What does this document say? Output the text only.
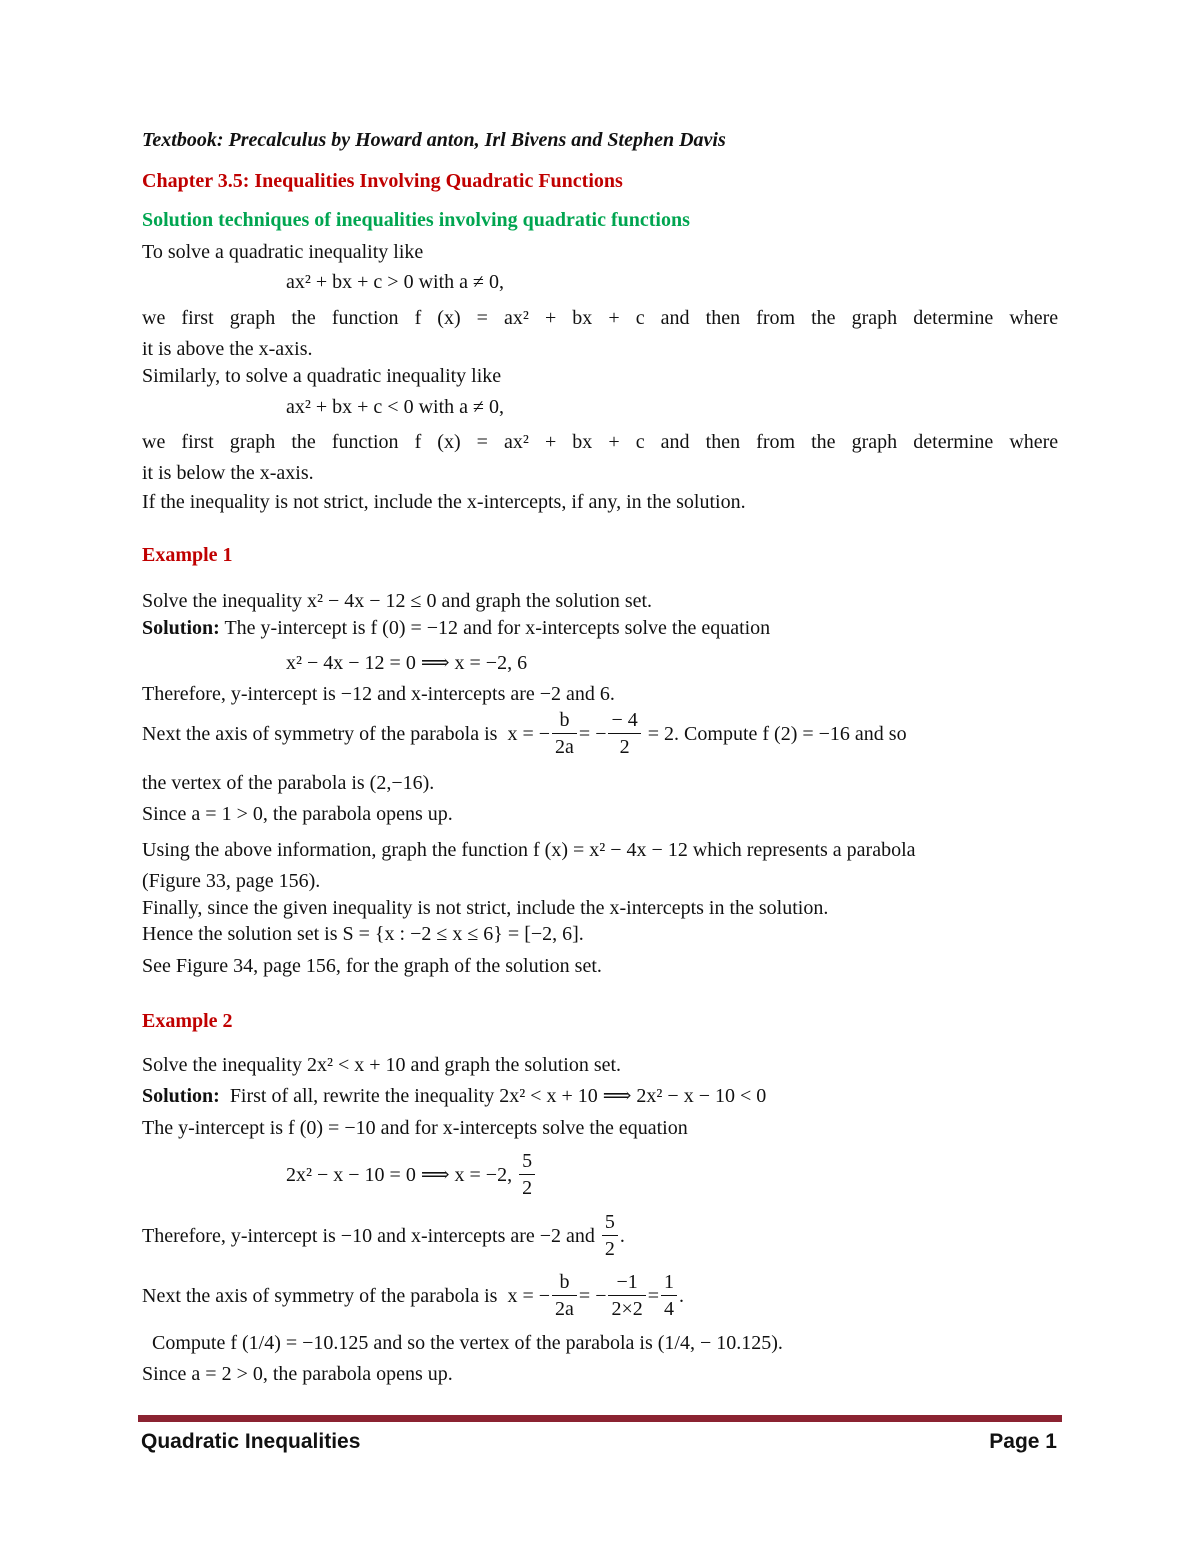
Textbook: Precalculus by Howard anton, Irl Bivens and Stephen Davis
Chapter 3.5: Inequalities Involving Quadratic Functions
Solution techniques of inequalities involving quadratic functions
To solve a quadratic inequality like
ax² + bx + c > 0 with a ≠ 0,
we first graph the function f (x) = ax² + bx + c and then from the graph determine where
it is above the x-axis.
Similarly, to solve a quadratic inequality like
ax² + bx + c < 0 with a ≠ 0,
we first graph the function f (x) = ax² + bx + c and then from the graph determine where
it is below the x-axis.
If the inequality is not strict, include the x-intercepts, if any, in the solution.
Example 1
Solve the inequality x² − 4x − 12 ≤ 0 and graph the solution set.
Solution: The y-intercept is f (0) = −12 and for x-intercepts solve the equation
x² − 4x − 12 = 0 ⟹ x = −2, 6
Therefore, y-intercept is −12 and x-intercepts are −2 and 6.
Next the axis of symmetry of the parabola is x = − $\frac{b}{2a}$ = − $\frac{- 4}{2} = 2$. Compute f (2) = −16 and so
the vertex of the parabola is (2,−16).
Since a = 1 > 0, the parabola opens up.
Using the above information, graph the function f (x) = x² − 4x − 12 which represents a parabola
(Figure 33, page 156).
Finally, since the given inequality is not strict, include the x-intercepts in the solution.
Hence the solution set is S = {x : −2 ≤ x ≤ 6} = [−2, 6].
See Figure 34, page 156, for the graph of the solution set.
Example 2
Solve the inequality 2x² < x + 10 and graph the solution set.
Solution: First of all, rewrite the inequality 2x² < x + 10 ⟹ 2x² − x − 10 < 0
The y-intercept is f (0) = −10 and for x-intercepts solve the equation
2x² − x − 10 = 0 ⟹ x = −2, $\frac{5}{2}$
Therefore, y-intercept is −10 and x-intercepts are −2 and $\frac{5}{2}$ .
Next the axis of symmetry of the parabola is x = − $\frac{b}{2a}$ = − $\frac{-1}{2\times 2} = \frac{1}{4}$ .
Compute f (1/4) = −10.125 and so the vertex of the parabola is (1/4, − 10.125).
Since a = 2 > 0, the parabola opens up.
Quadratic Inequalities	Page 1
